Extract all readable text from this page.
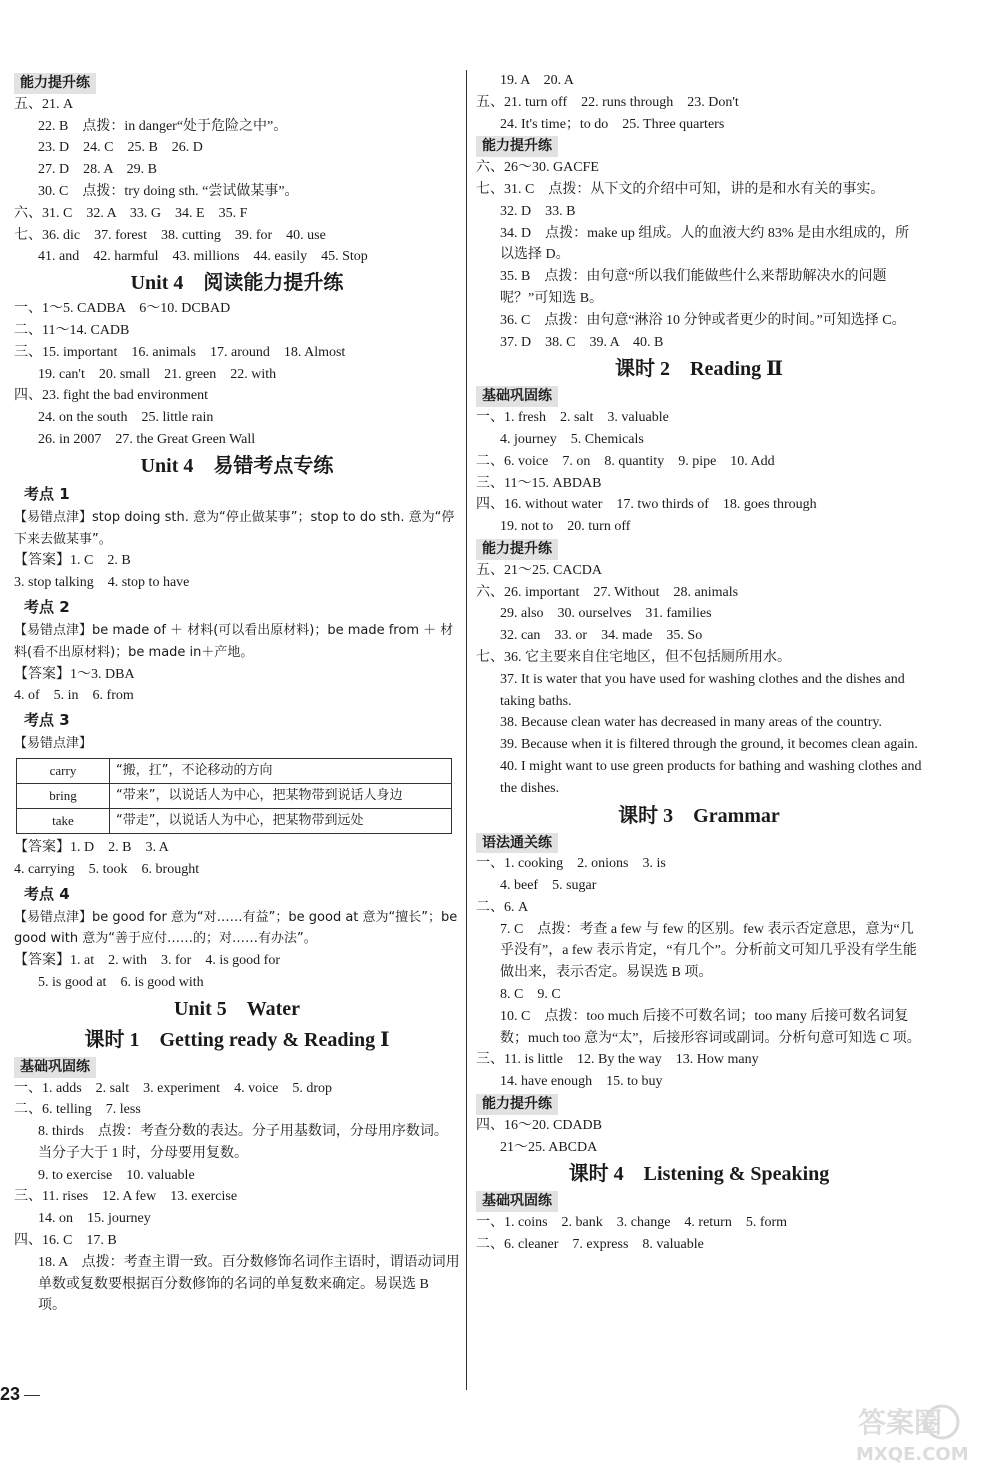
能力提升练
五、21. A
22. B　点拨：in danger“处于危险之中”。
23. D　24. C　25. B　26. D
27. D　28. A　29. B
30. C　点拨：try doing sth. “尝试做某事”。
六、31. C　32. A　33. G　34. E　35. F
七、36. dic　37. forest　38. cutting　39. for　40. use
41. and　42. harmful　43. millions　44. easily　45. Stop
Unit 4　阅读能力提升练
一、1～5. CADBA　6～10. DCBAD
二、11～14. CADB
三、15. important　16. animals　17. around　18. Almost
19. can't　20. small　21. green　22. with
四、23. fight the bad environment
24. on the south　25. little rain
26. in 2007　27. the Great Green Wall
Unit 4　易错考点专练
考点 1
【易错点津】stop doing sth. 意为“停止做某事”；stop to do sth. 意为“停下来去做某事”。
【答案】1. C　2. B
3. stop talking　4. stop to have
考点 2
【易错点津】be made of ＋ 材料(可以看出原材料)；be made from ＋ 材料(看不出原材料)；be made in＋产地。
【答案】1～3. DBA
4. of　5. in　6. from
考点 3
【易错点津】
carry	“搬，扛”，不论移动的方向
bring	“带来”，以说话人为中心，把某物带到说话人身边
take	“带走”，以说话人为中心，把某物带到远处
【答案】1. D　2. B　3. A
4. carrying　5. took　6. brought
考点 4
【易错点津】be good for 意为“对……有益”；be good at 意为“擅长”；be good with 意为“善于应付……的；对……有办法”。
【答案】1. at　2. with　3. for　4. is good for
5. is good at　6. is good with
Unit 5　Water
课时 1　Getting ready & Reading Ⅰ
基础巩固练
一、1. adds　2. salt　3. experiment　4. voice　5. drop
二、6. telling　7. less
8. thirds　点拨：考查分数的表达。分子用基数词，分母用序数词。当分子大于 1 时，分母要用复数。
9. to exercise　10. valuable
三、11. rises　12. A few　13. exercise
14. on　15. journey
四、16. C　17. B
18. A　点拨：考查主谓一致。百分数修饰名词作主语时，谓语动词用单数或复数要根据百分数修饰的名词的单复数来确定。易误选 B 项。
19. A　20. A
五、21. turn off　22. runs through　23. Don't
24. It's time；to do　25. Three quarters
能力提升练
六、26～30. GACFE
七、31. C　点拨：从下文的介绍中可知，讲的是和水有关的事实。
32. D　33. B
34. D　点拨：make up 组成。人的血液大约 83% 是由水组成的，所以选择 D。
35. B　点拨：由句意“所以我们能做些什么来帮助解决水的问题呢？”可知选 B。
36. C　点拨：由句意“淋浴 10 分钟或者更少的时间。”可知选择 C。
37. D　38. C　39. A　40. B
课时 2　Reading Ⅱ
基础巩固练
一、1. fresh　2. salt　3. valuable
4. journey　5. Chemicals
二、6. voice　7. on　8. quantity　9. pipe　10. Add
三、11～15. ABDAB
四、16. without water　17. two thirds of　18. goes through
19. not to　20. turn off
能力提升练
五、21～25. CACDA
六、26. important　27. Without　28. animals
29. also　30. ourselves　31. families
32. can　33. or　34. made　35. So
七、36. 它主要来自住宅地区，但不包括厕所用水。
37. It is water that you have used for washing clothes and the dishes and taking baths.
38. Because clean water has decreased in many areas of the country.
39. Because when it is filtered through the ground, it becomes clean again.
40. I might want to use green products for bathing and washing clothes and the dishes.
课时 3　Grammar
语法通关练
一、1. cooking　2. onions　3. is
4. beef　5. sugar
二、6. A
7. C　点拨：考查 a few 与 few 的区别。few 表示否定意思，意为“几乎没有”，a few 表示肯定，“有几个”。分析前文可知几乎没有学生能做出来，表示否定。易误选 B 项。
8. C　9. C
10. C　点拨：too much 后接不可数名词；too many 后接可数名词复数；much too 意为“太”，后接形容词或副词。分析句意可知选 C 项。
三、11. is little　12. By the way　13. How many
14. have enough　15. to buy
能力提升练
四、16～20. CDADB
21～25. ABCDA
课时 4　Listening & Speaking
基础巩固练
一、1. coins　2. bank　3. change　4. return　5. form
二、6. cleaner　7. express　8. valuable
23
答案圈
MXQE.COM
